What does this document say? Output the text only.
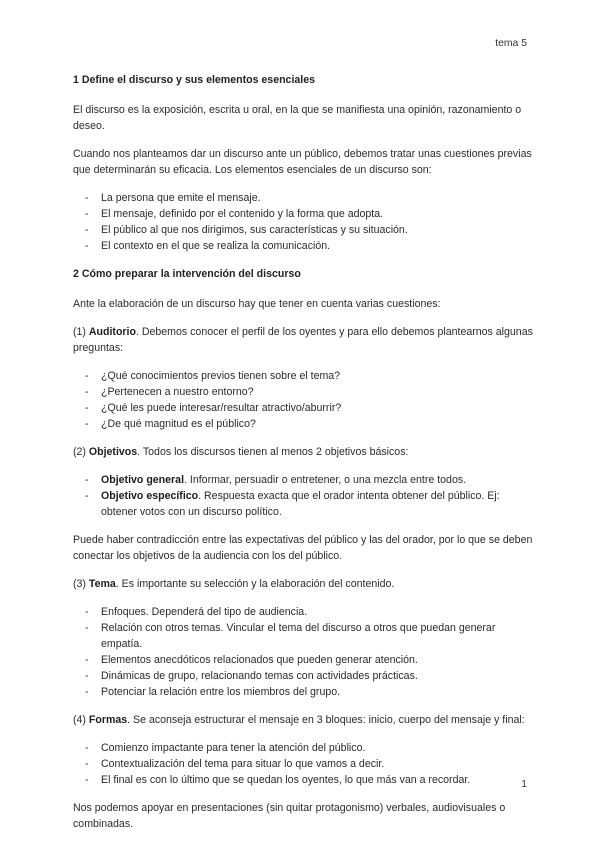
tema 5
1 Define el discurso y sus elementos esenciales

El discurso es la exposición, escrita u oral, en la que se manifiesta una opinión, razonamiento o deseo.

Cuando nos planteamos dar un discurso ante un público, debemos tratar unas cuestiones previas que determinarán su eficacia. Los elementos esenciales de un discurso son:

- La persona que emite el mensaje.
- El mensaje, definido por el contenido y la forma que adopta.
- El público al que nos dirigimos, sus características y su situación.
- El contexto en el que se realiza la comunicación.
2 Cómo preparar la intervención del discurso

Ante la elaboración de un discurso hay que tener en cuenta varias cuestiones:

(1) Auditorio. Debemos conocer el perfil de los oyentes y para ello debemos plantearnos algunas preguntas:

- ¿Qué conocimientos previos tienen sobre el tema?
- ¿Pertenecen a nuestro entorno?
- ¿Qué les puede interesar/resultar atractivo/aburrir?
- ¿De qué magnitud es el público?

(2) Objetivos. Todos los discursos tienen al menos 2 objetivos básicos:

- Objetivo general. Informar, persuadir o entretener, o una mezcla entre todos.
- Objetivo específico. Respuesta exacta que el orador intenta obtener del público. Ej: obtener votos con un discurso político.

Puede haber contradicción entre las expectativas del público y las del orador, por lo que se deben conectar los objetivos de la audiencia con los del público.

(3) Tema. Es importante su selección y la elaboración del contenido.

- Enfoques. Dependerá del tipo de audiencia.
- Relación con otros temas. Vincular el tema del discurso a otros que puedan generar empatía.
- Elementos anecdóticos relacionados que pueden generar atención.
- Dinámicas de grupo, relacionando temas con actividades prácticas.
- Potenciar la relación entre los miembros del grupo.

(4) Formas. Se aconseja estructurar el mensaje en 3 bloques: inicio, cuerpo del mensaje y final:

- Comienzo impactante para tener la atención del público.
- Contextualización del tema para situar lo que vamos a decir.
- El final es con lo último que se quedan los oyentes, lo que más van a recordar.

Nos podemos apoyar en presentaciones (sin quitar protagonismo) verbales, audiovisuales o combinadas.

1
